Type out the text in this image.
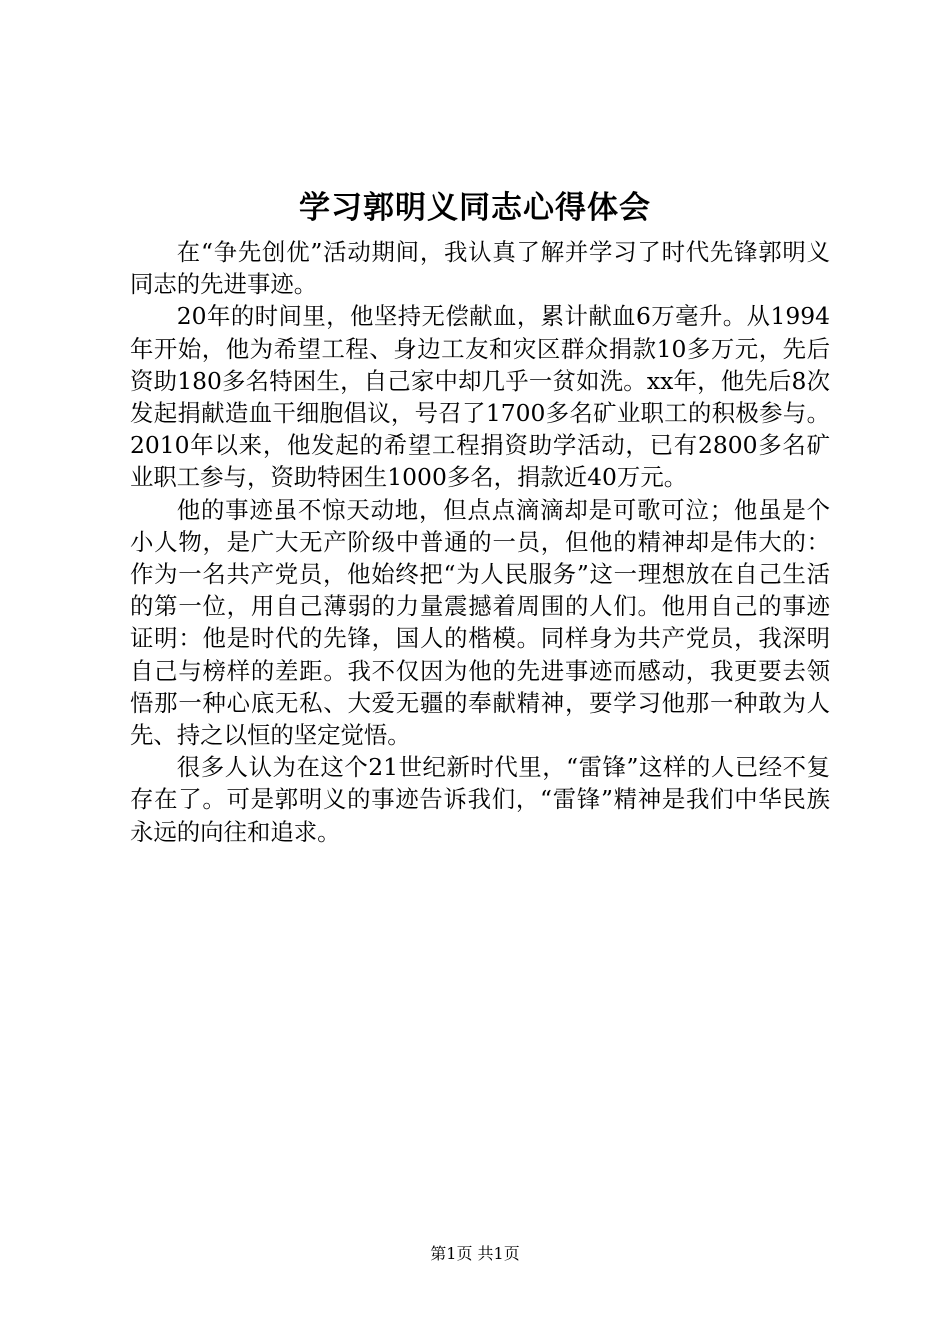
学习郭明义同志心得体会

在“争先创优”活动期间，我认真了解并学习了时代先锋郭明义同志的先进事迹。

20年的时间里，他坚持无偿献血，累计献血6万毫升。从1994年开始，他为希望工程、身边工友和灾区群众捐款10多万元，先后资助180多名特困生，自己家中却几乎一贫如洗。xx年，他先后8次发起捐献造血干细胞倡议，号召了1700多名矿业职工的积极参与。2010年以来，他发起的希望工程捐资助学活动，已有2800多名矿业职工参与，资助特困生1000多名，捐款近40万元。

他的事迹虽不惊天动地，但点点滴滴却是可歌可泣；他虽是个小人物，是广大无产阶级中普通的一员，但他的精神却是伟大的：作为一名共产党员，他始终把“为人民服务”这一理想放在自己生活的第一位，用自己薄弱的力量震撼着周围的人们。他用自己的事迹证明：他是时代的先锋，国人的楷模。同样身为共产党员，我深明自己与榜样的差距。我不仅因为他的先进事迹而感动，我更要去领悟那一种心底无私、大爱无疆的奉献精神，要学习他那一种敢为人先、持之以恒的坚定觉悟。

很多人认为在这个21世纪新时代里，“雷锋”这样的人已经不复存在了。可是郭明义的事迹告诉我们，“雷锋”精神是我们中华民族永远的向往和追求。

第1页 共1页
